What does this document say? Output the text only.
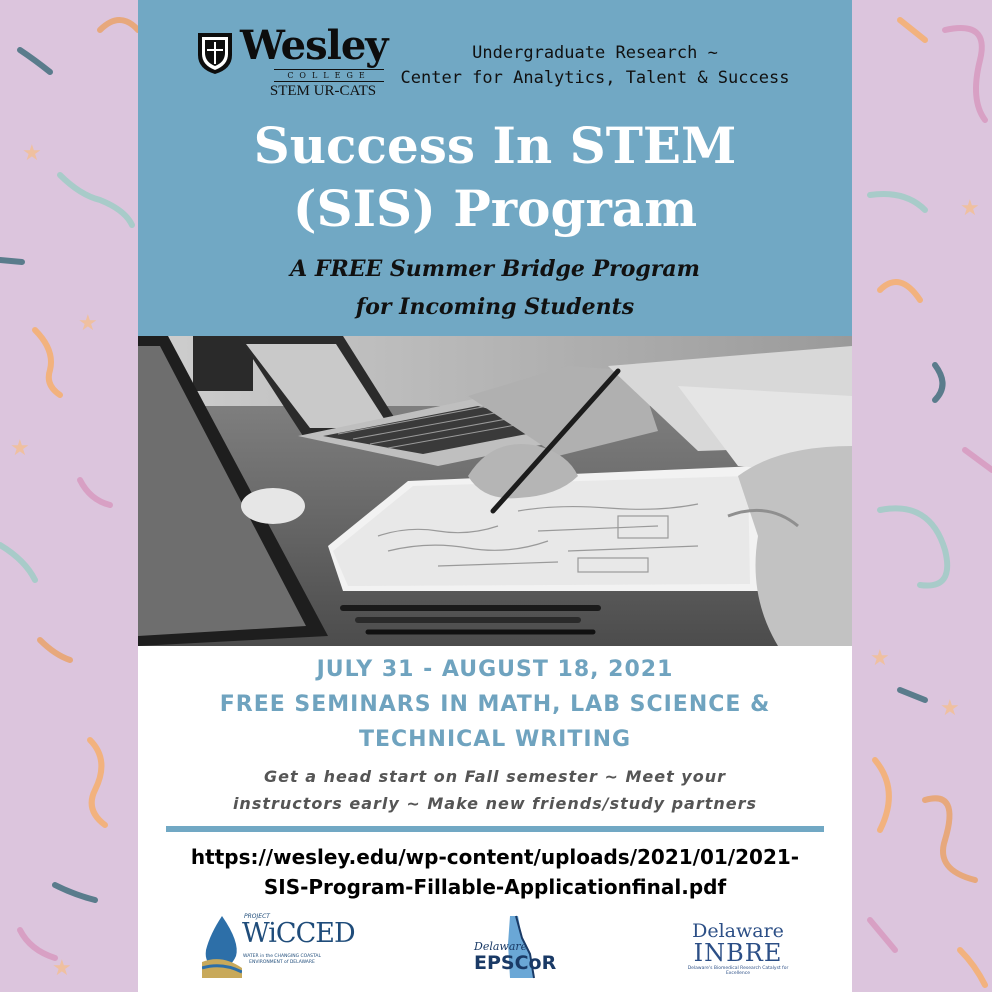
★
★
★
★
★
★
★
Wesley
COLLEGE
STEM UR-CATS
Undergraduate Research ~
Center for Analytics, Talent & Success
Success In STEM
(SIS) Program
A FREE Summer Bridge Program
for Incoming Students
JULY 31 - AUGUST 18, 2021
FREE SEMINARS IN MATH, LAB SCIENCE &
TECHNICAL WRITING
Get a head start on Fall semester ~ Meet your
instructors early ~ Make new friends/study partners
https://wesley.edu/wp-content/uploads/2021/01/2021-
SIS-Program-Fillable-Applicationfinal.pdf
PROJECT
WiCCED
WATER in the CHANGING COASTAL ENVIRONMENT of DELAWARE
Delaware
EPSCoR
Delaware
INBRE
Delaware's Biomedical Research Catalyst for Excellence
